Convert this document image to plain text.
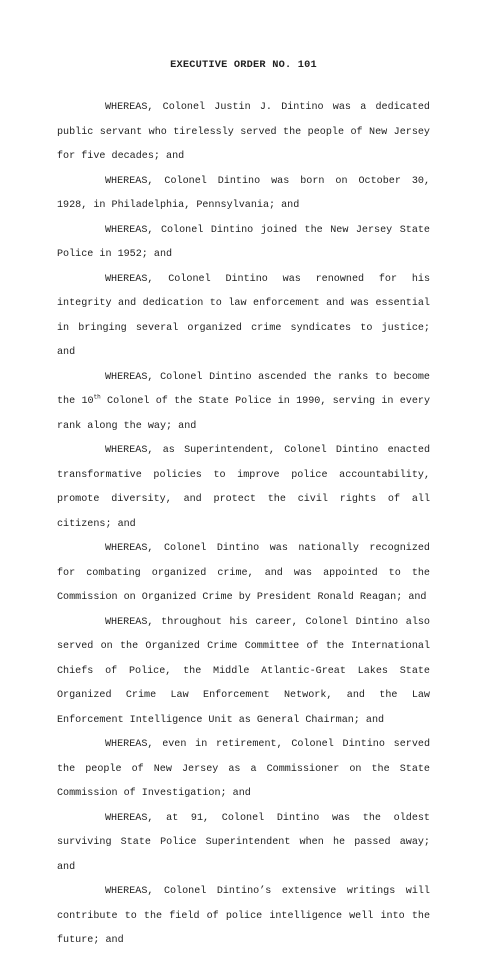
EXECUTIVE ORDER NO. 101

WHEREAS, Colonel Justin J. Dintino was a dedicated public servant who tirelessly served the people of New Jersey for five decades; and

WHEREAS, Colonel Dintino was born on October 30, 1928, in Philadelphia, Pennsylvania; and

WHEREAS, Colonel Dintino joined the New Jersey State Police in 1952; and

WHEREAS, Colonel Dintino was renowned for his integrity and dedication to law enforcement and was essential in bringing several organized crime syndicates to justice; and

WHEREAS, Colonel Dintino ascended the ranks to become the 10th Colonel of the State Police in 1990, serving in every rank along the way; and

WHEREAS, as Superintendent, Colonel Dintino enacted transformative policies to improve police accountability, promote diversity, and protect the civil rights of all citizens; and

WHEREAS, Colonel Dintino was nationally recognized for combating organized crime, and was appointed to the Commission on Organized Crime by President Ronald Reagan; and

WHEREAS, throughout his career, Colonel Dintino also served on the Organized Crime Committee of the International Chiefs of Police, the Middle Atlantic-Great Lakes State Organized Crime Law Enforcement Network, and the Law Enforcement Intelligence Unit as General Chairman; and

WHEREAS, even in retirement, Colonel Dintino served the people of New Jersey as a Commissioner on the State Commission of Investigation; and

WHEREAS, at 91, Colonel Dintino was the oldest surviving State Police Superintendent when he passed away; and

WHEREAS, Colonel Dintino’s extensive writings will contribute to the field of police intelligence well into the future; and
